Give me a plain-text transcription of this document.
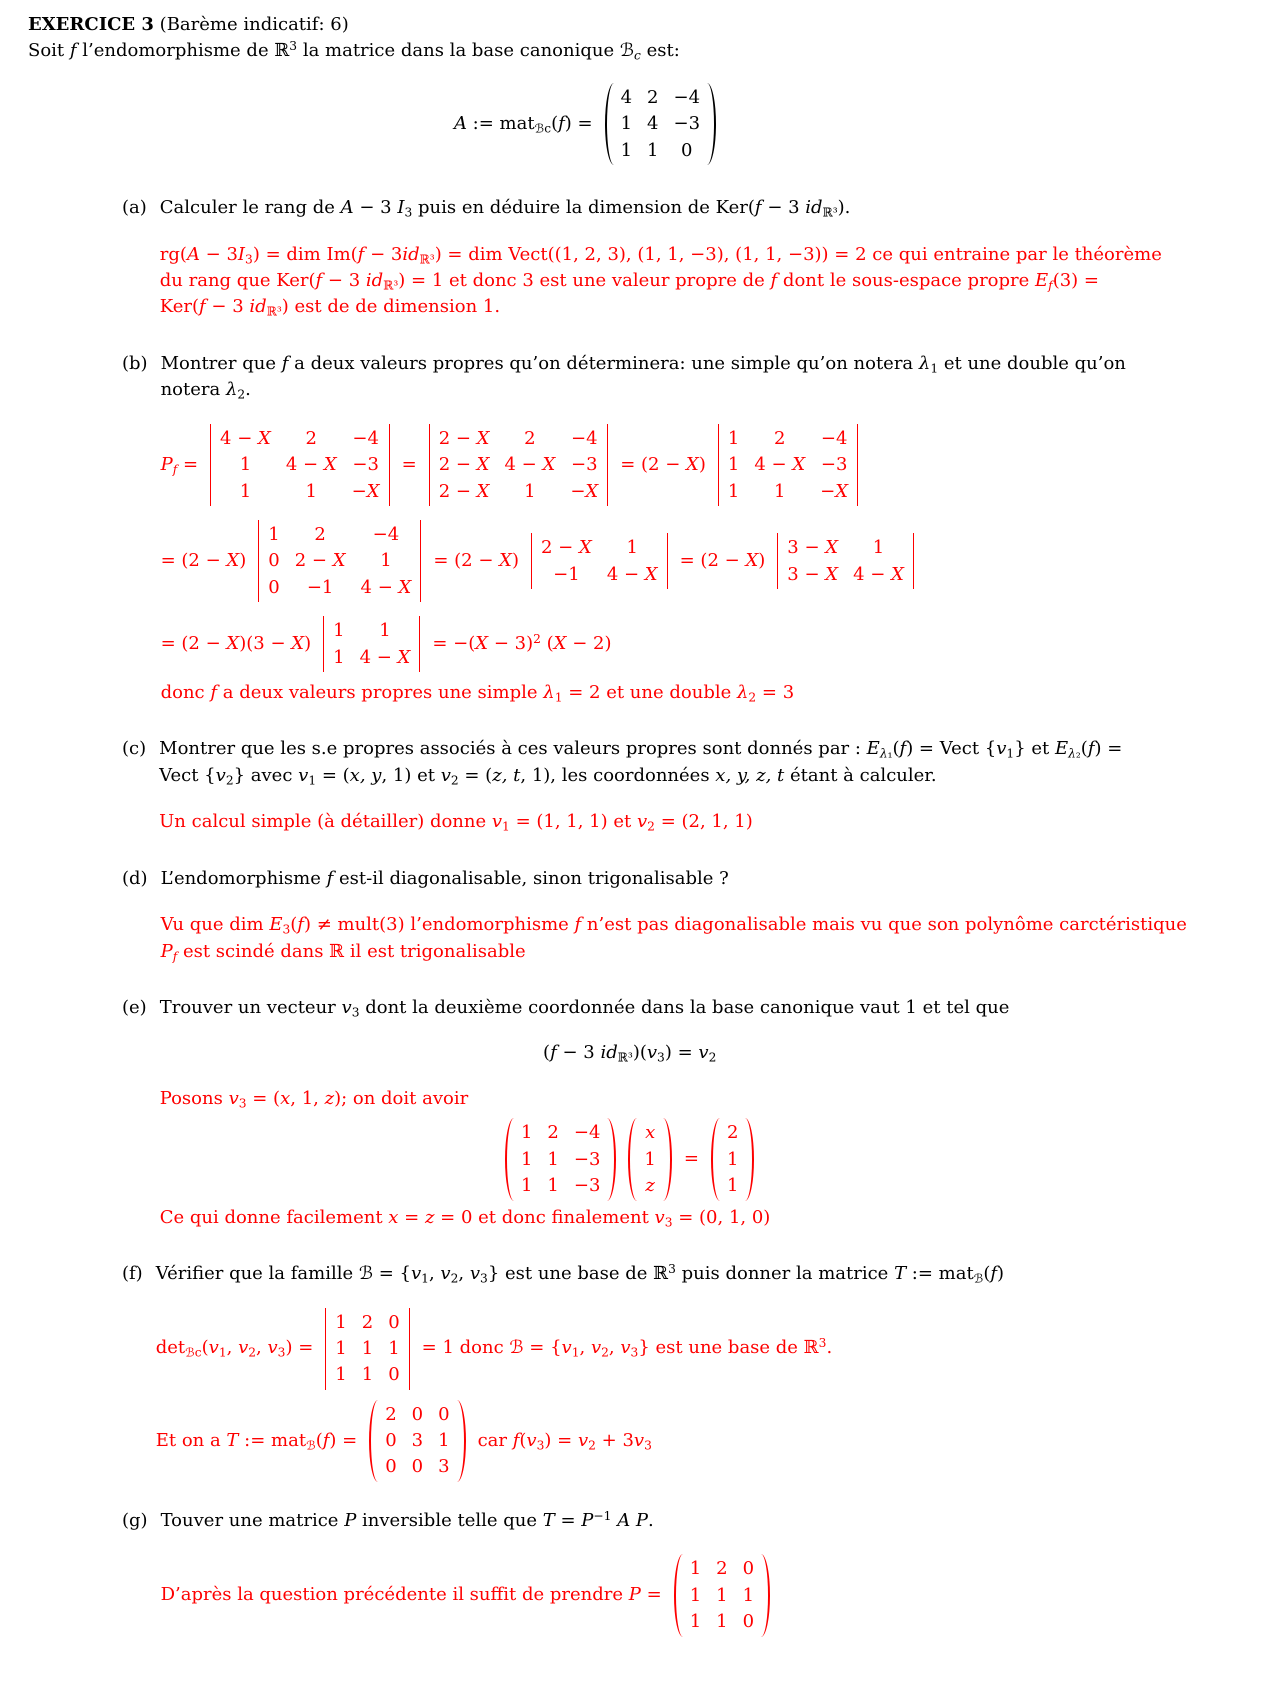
EXERCICE 3 (Barème indicatif: 6)
Soit f l’endomorphisme de ℝ$^3$ la matrice dans la base canonique ℬ$_c$ est:
A := mat$_{ℬc}$(f) =
4 2 −4
1 4 −3
1 1 0
(a) Calculer le rang de A − 3 $I_3$ puis en déduire la dimension de Ker(f − 3 $id_{ℝ^3}$).
$rg(A - 3I_3)$ = dim $Im(f - 3id_{ℝ^3})$ = dim Vect((1, 2, 3), (1, 1, −3), (1, 1, −3)) = 2 ce qui entraine par le théorème
du rang que Ker(f − 3 $id_{ℝ^3}) = 1$ et donc 3 est une valeur propre de f dont le sous-espace propre $E_f(3)$ =
Ker(f − 3 $id_{ℝ^3}$) est de de dimension 1.
(b) Montrer que f a deux valeurs propres qu’on déterminera: une simple qu’on notera $\lambda_1$ et une double qu’on
notera $\lambda_2$.
$P_f$ =
4 − X 2 −4
1 4 − X −3
1	1 −X
=
2 − X 2 −4
2 − X 4 − X −3
2 − X 1 −X
= (2 − X)
1 2 −4
1 4 − X −3
1 1 −X
= (2 − X)
1 2	−4
0 2 − X 1
0 −1 4 − X
= (2 − X)
2 − X 1
−1 4 − X
= (2 − X)
3 − X 1
3 − X 4 − X
= (2 − X)(3 − X)
1 1
1 4 − X
= $-(X - 3)^2$ (X − 2)
donc f a deux valeurs propres une simple $\lambda_1 = 2$ et une double $\lambda_2 = 3$
(c) Montrer que les s.e propres associés à ces valeurs propres sont donnés par : $E_{\lambda_1}(f)$ = Vect $\{v_1\}$ et $E_{\lambda_2}(f)$ =
Vect $\{v_2\}$ avec $v_1 = (x$, y, 1) et $v_2 = (z$, t, 1), les coordonnées x, y, z, t étant à calculer.
Un calcul simple (à détailler) donne $v_1 = (1$, 1, 1) et $v_2 = (2$, 1, 1)
(d) L’endomorphisme f est-il diagonalisable, sinon trigonalisable ?
Vu que dim $E_3(f)$ ≠ mult(3) l’endomorphisme f n’est pas diagonalisable mais vu que son polynôme carctéristique
$P_f$ est scindé dans ℝ il est trigonalisable
(e) Trouver un vecteur $v_3$ dont la deuxième coordonnée dans la base canonique vaut 1 et tel que
(f − 3 $id_{ℝ^3})(v_3) = v_2$
Posons $v_3 = (x$, 1, z); on doit avoir
1 2 −4
1 1 −3
1 1 −3
x
1
z
=
2
1
1
Ce qui donne facilement x = z = 0 et donc finalement $v_3 = (0$, 1, 0)
(f) Vérifier que la famille ℬ = {$v_1$, $v_2$, $v_3$} est une base de ℝ$^3$ puis donner la matrice T := mat$_ℬ$(f)
$\det_{ℬc}(v_1$, $v_2$, $v_3$) =
1 2 0
1 1 1
1 1 0
= 1 donc ℬ = {$v_1$, $v_2$, $v_3$} est une base de ℝ$^3$.
Et on a T := mat$_ℬ$(f) =
2 0 0
0 3 1
0 0 3
car $f(v_3) = v_2 + 3v_3$
(g) Touver une matrice P inversible telle que $T = P^{-1}$ A P.
D’après la question précédente il suffit de prendre P =
1 2 0
1 1 1
1 1 0
